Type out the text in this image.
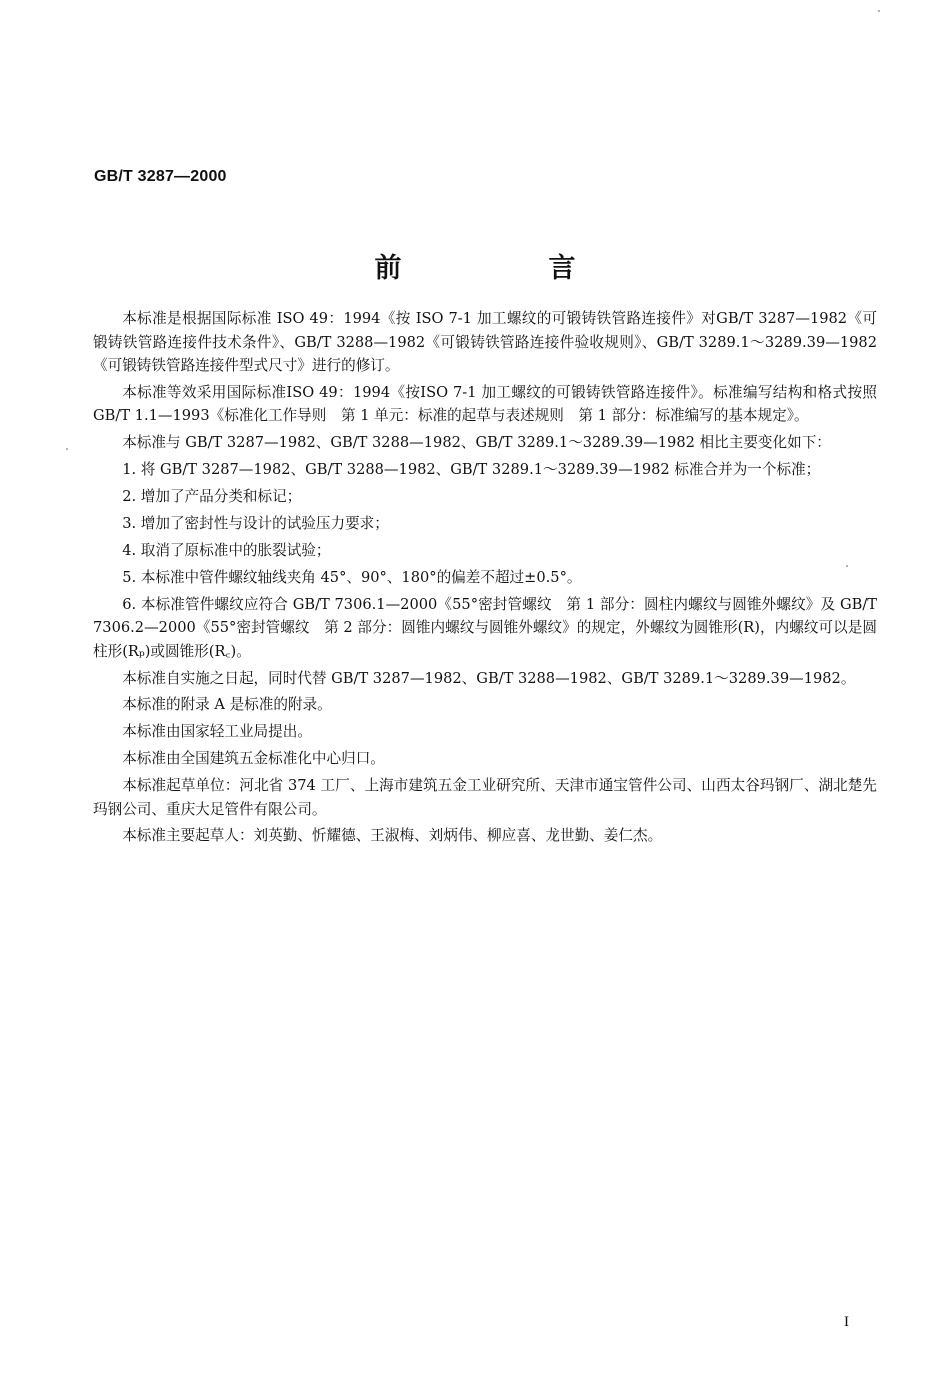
GB/T 3287—2000
前　言

本标准是根据国际标准 ISO 49：1994《按 ISO 7-1 加工螺纹的可锻铸铁管路连接件》对GB/T 3287—1982《可锻铸铁管路连接件技术条件》、GB/T 3288—1982《可锻铸铁管路连接件验收规则》、GB/T 3289.1～3289.39—1982《可锻铸铁管路连接件型式尺寸》进行的修订。

本标准等效采用国际标准ISO 49：1994《按ISO 7-1 加工螺纹的可锻铸铁管路连接件》。标准编写结构和格式按照GB/T 1.1—1993《标准化工作导则　第 1 单元：标准的起草与表述规则　第 1 部分：标准编写的基本规定》。

本标准与 GB/T 3287—1982、GB/T 3288—1982、GB/T 3289.1～3289.39—1982 相比主要变化如下：

1. 将 GB/T 3287—1982、GB/T 3288—1982、GB/T 3289.1～3289.39—1982 标准合并为一个标准；

2. 增加了产品分类和标记；

3. 增加了密封性与设计的试验压力要求；

4. 取消了原标准中的胀裂试验；

5. 本标准中管件螺纹轴线夹角 45°、90°、180°的偏差不超过±0.5°。

6. 本标准管件螺纹应符合 GB/T 7306.1—2000《55°密封管螺纹　第 1 部分：圆柱内螺纹与圆锥外螺纹》及 GB/T 7306.2—2000《55°密封管螺纹　第 2 部分：圆锥内螺纹与圆锥外螺纹》的规定，外螺纹为圆锥形(R)，内螺纹可以是圆柱形(Rₚ)或圆锥形(R꜀)。

本标准自实施之日起，同时代替 GB/T 3287—1982、GB/T 3288—1982、GB/T 3289.1～3289.39—1982。

本标准的附录 A 是标准的附录。

本标准由国家轻工业局提出。

本标准由全国建筑五金标准化中心归口。

本标准起草单位：河北省 374 工厂、上海市建筑五金工业研究所、天津市通宝管件公司、山西太谷玛钢厂、湖北楚先玛钢公司、重庆大足管件有限公司。

本标准主要起草人：刘英勤、忻耀德、王淑梅、刘炳伟、柳应喜、龙世勤、姜仁杰。

I
